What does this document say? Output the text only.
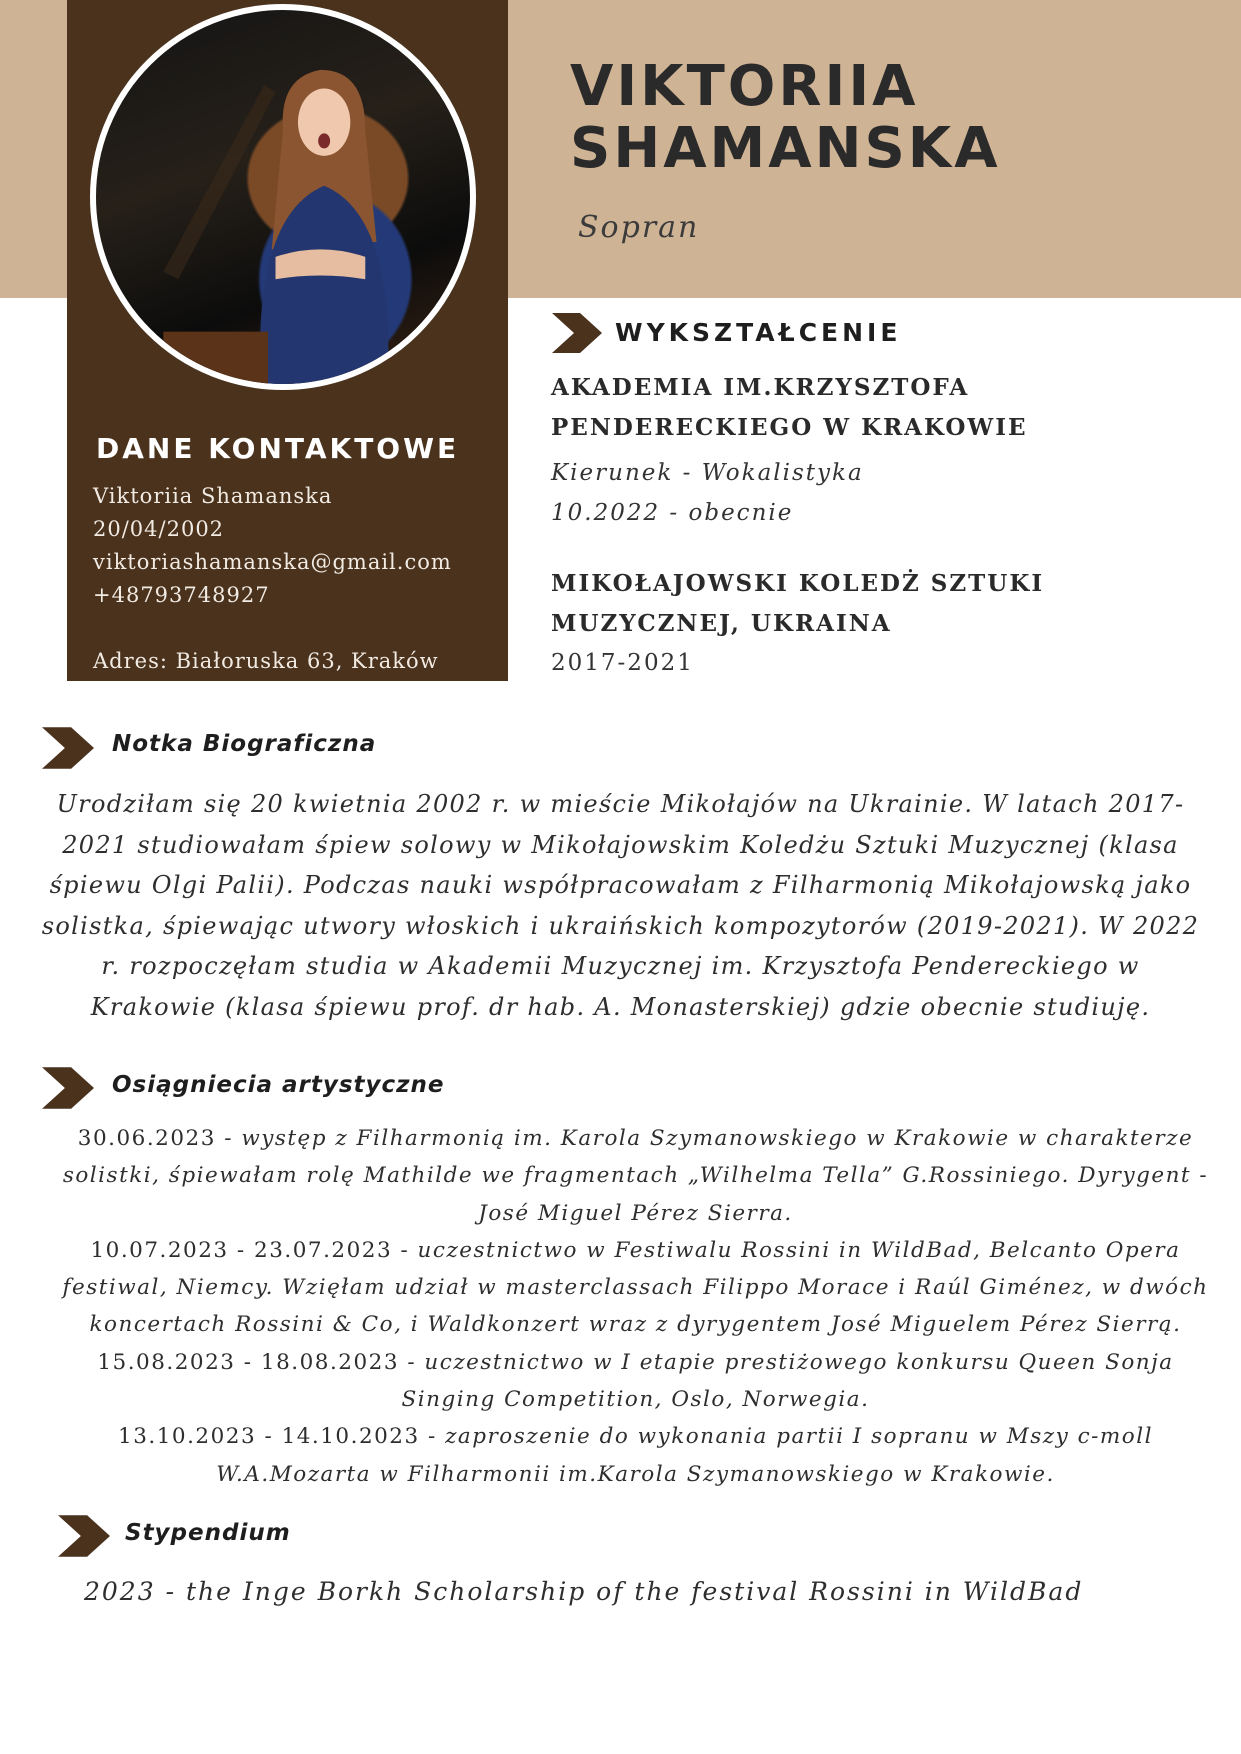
VIKTORIIA
SHAMANSKA
Sopran
DANE KONTAKTOWE
Viktoriia Shamanska
20/04/2002
viktoriashamanska@gmail.com
+48793748927
Adres: Białoruska 63, Kraków
WYKSZTAŁCENIE
AKADEMIA IM.KRZYSZTOFA
PENDERECKIEGO W KRAKOWIE
Kierunek - Wokalistyka
10.2022 - obecnie
MIKOŁAJOWSKI KOLEDŻ SZTUKI
MUZYCZNEJ, UKRAINA
2017-2021
Notka Biograficzna
Urodziłam się 20 kwietnia 2002 r. w mieście Mikołajów na Ukrainie. W latach 2017-2021 studiowałam śpiew solowy w Mikołajowskim Koledżu Sztuki Muzycznej (klasa śpiewu Olgi Palii). Podczas nauki współpracowałam z Filharmonią Mikołajowską jako solistka, śpiewając utwory włoskich i ukraińskich kompozytorów (2019-2021). W 2022 r. rozpoczęłam studia w Akademii Muzycznej im. Krzysztofa Pendereckiego w Krakowie (klasa śpiewu prof. dr hab. A. Monasterskiej) gdzie obecnie studiuję.
Osiągniecia artystyczne

30.06.2023 - występ z Filharmonią im. Karola Szymanowskiego w Krakowie w charakterze solistki, śpiewałam rolę Mathilde we fragmentach „Wilhelma Tella” G.Rossiniego. Dyrygent - José Miguel Pérez Sierra.

10.07.2023 - 23.07.2023 - uczestnictwo w Festiwalu Rossini in WildBad, Belcanto Opera festiwal, Niemcy. Wzięłam udział w masterclassach Filippo Morace i Raúl Giménez, w dwóch koncertach Rossini & Co, i Waldkonzert wraz z dyrygentem José Miguelem Pérez Sierrą.

15.08.2023 - 18.08.2023 - uczestnictwo w I etapie prestiżowego konkursu Queen Sonja Singing Competition, Oslo, Norwegia.

13.10.2023 - 14.10.2023 - zaproszenie do wykonania partii I sopranu w Mszy c-moll W.A.Mozarta w Filharmonii im.Karola Szymanowskiego w Krakowie.

Stypendium
2023 - the Inge Borkh Scholarship of the festival Rossini in WildBad
